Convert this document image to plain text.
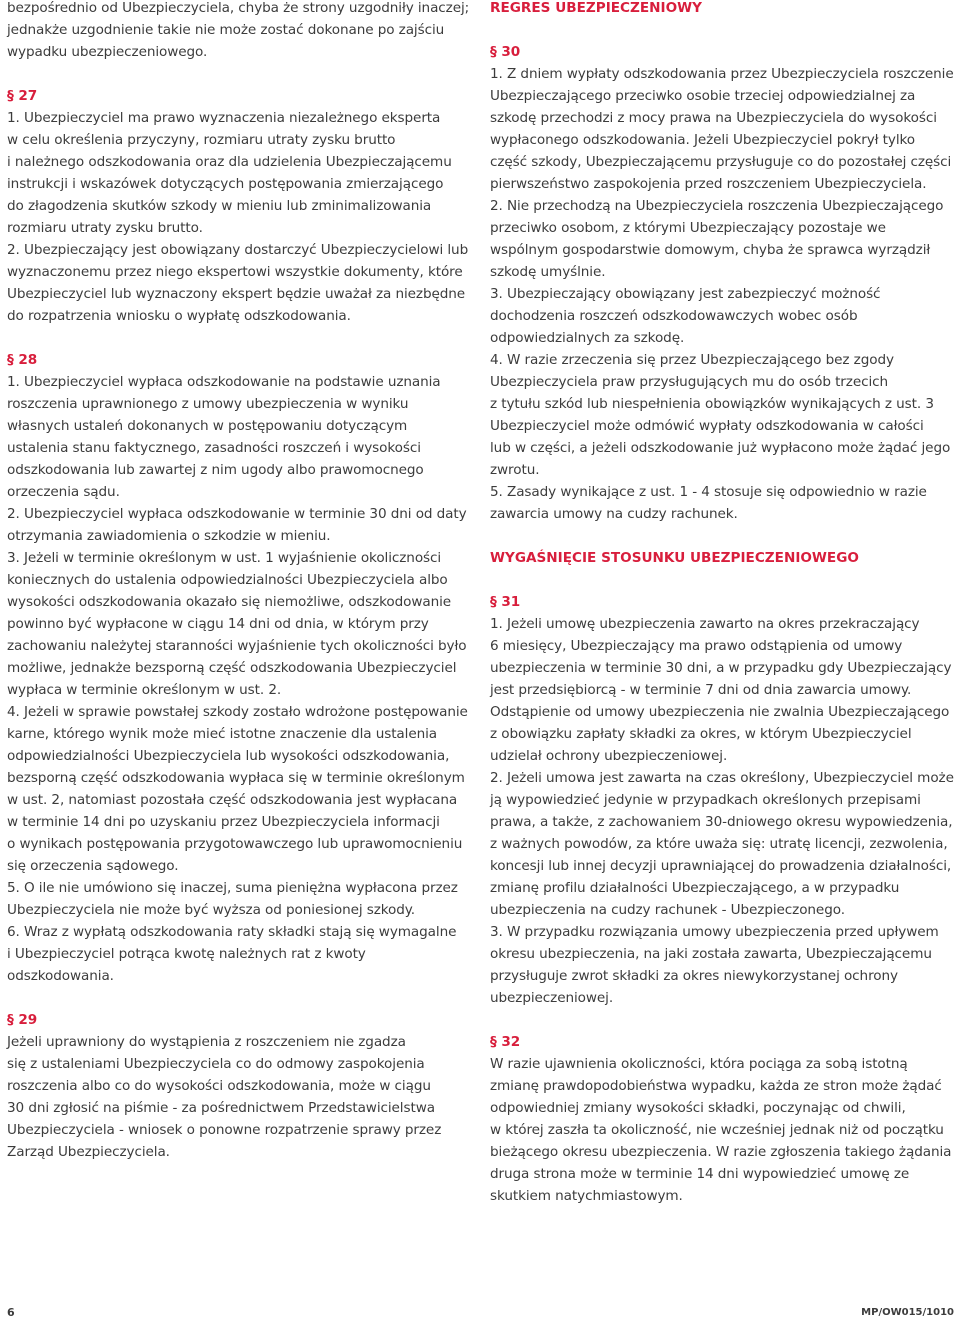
bezpośrednio od Ubezpieczyciela, chyba że strony uzgodniły inaczej;
jednakże uzgodnienie takie nie może zostać dokonane po zajściu
wypadku ubezpieczeniowego.
§ 27
1. Ubezpieczyciel ma prawo wyznaczenia niezależnego eksperta
w celu określenia przyczyny, rozmiaru utraty zysku brutto
i należnego odszkodowania oraz dla udzielenia Ubezpieczającemu
instrukcji i wskazówek dotyczących postępowania zmierzającego
do złagodzenia skutków szkody w mieniu lub zminimalizowania
rozmiaru utraty zysku brutto.
2. Ubezpieczający jest obowiązany dostarczyć Ubezpieczycielowi lub
wyznaczonemu przez niego ekspertowi wszystkie dokumenty, które
Ubezpieczyciel lub wyznaczony ekspert będzie uważał za niezbędne
do rozpatrzenia wniosku o wypłatę odszkodowania.
§ 28
1. Ubezpieczyciel wypłaca odszkodowanie na podstawie uznania
roszczenia uprawnionego z umowy ubezpieczenia w wyniku
własnych ustaleń dokonanych w postępowaniu dotyczącym
ustalenia stanu faktycznego, zasadności roszczeń i wysokości
odszkodowania lub zawartej z nim ugody albo prawomocnego
orzeczenia sądu.
2. Ubezpieczyciel wypłaca odszkodowanie w terminie 30 dni od daty
otrzymania zawiadomienia o szkodzie w mieniu.
3. Jeżeli w terminie określonym w ust. 1 wyjaśnienie okoliczności
koniecznych do ustalenia odpowiedzialności Ubezpieczyciela albo
wysokości odszkodowania okazało się niemożliwe, odszkodowanie
powinno być wypłacone w ciągu 14 dni od dnia, w którym przy
zachowaniu należytej staranności wyjaśnienie tych okoliczności było
możliwe, jednakże bezsporną część odszkodowania Ubezpieczyciel
wypłaca w terminie określonym w ust. 2.
4. Jeżeli w sprawie powstałej szkody zostało wdrożone postępowanie
karne, którego wynik może mieć istotne znaczenie dla ustalenia
odpowiedzialności Ubezpieczyciela lub wysokości odszkodowania,
bezsporną część odszkodowania wypłaca się w terminie określonym
w ust. 2, natomiast pozostała część odszkodowania jest wypłacana
w terminie 14 dni po uzyskaniu przez Ubezpieczyciela informacji
o wynikach postępowania przygotowawczego lub uprawomocnieniu
się orzeczenia sądowego.
5. O ile nie umówiono się inaczej, suma pieniężna wypłacona przez
Ubezpieczyciela nie może być wyższa od poniesionej szkody.
6. Wraz z wypłatą odszkodowania raty składki stają się wymagalne
i Ubezpieczyciel potrąca kwotę należnych rat z kwoty
odszkodowania.
§ 29
Jeżeli uprawniony do wystąpienia z roszczeniem nie zgadza
się z ustaleniami Ubezpieczyciela co do odmowy zaspokojenia
roszczenia albo co do wysokości odszkodowania, może w ciągu
30 dni zgłosić na piśmie - za pośrednictwem Przedstawicielstwa
Ubezpieczyciela - wniosek o ponowne rozpatrzenie sprawy przez
Zarząd Ubezpieczyciela.
REGRES UBEZPIECZENIOWY
§ 30
1. Z dniem wypłaty odszkodowania przez Ubezpieczyciela roszczenie
Ubezpieczającego przeciwko osobie trzeciej odpowiedzialnej za
szkodę przechodzi z mocy prawa na Ubezpieczyciela do wysokości
wypłaconego odszkodowania. Jeżeli Ubezpieczyciel pokrył tylko
część szkody, Ubezpieczającemu przysługuje co do pozostałej części
pierwszeństwo zaspokojenia przed roszczeniem Ubezpieczyciela.
2. Nie przechodzą na Ubezpieczyciela roszczenia Ubezpieczającego
przeciwko osobom, z którymi Ubezpieczający pozostaje we
wspólnym gospodarstwie domowym, chyba że sprawca wyrządził
szkodę umyślnie.
3. Ubezpieczający obowiązany jest zabezpieczyć możność
dochodzenia roszczeń odszkodowawczych wobec osób
odpowiedzialnych za szkodę.
4. W razie zrzeczenia się przez Ubezpieczającego bez zgody
Ubezpieczyciela praw przysługujących mu do osób trzecich
z tytułu szkód lub niespełnienia obowiązków wynikających z ust. 3
Ubezpieczyciel może odmówić wypłaty odszkodowania w całości
lub w części, a jeżeli odszkodowanie już wypłacono może żądać jego
zwrotu.
5. Zasady wynikające z ust. 1 - 4 stosuje się odpowiednio w razie
zawarcia umowy na cudzy rachunek.
WYGAŚNIĘCIE STOSUNKU UBEZPIECZENIOWEGO
§ 31
1. Jeżeli umowę ubezpieczenia zawarto na okres przekraczający
6 miesięcy, Ubezpieczający ma prawo odstąpienia od umowy
ubezpieczenia w terminie 30 dni, a w przypadku gdy Ubezpieczający
jest przedsiębiorcą - w terminie 7 dni od dnia zawarcia umowy.
Odstąpienie od umowy ubezpieczenia nie zwalnia Ubezpieczającego
z obowiązku zapłaty składki za okres, w którym Ubezpieczyciel
udzielał ochrony ubezpieczeniowej.
2. Jeżeli umowa jest zawarta na czas określony, Ubezpieczyciel może
ją wypowiedzieć jedynie w przypadkach określonych przepisami
prawa, a także, z zachowaniem 30-dniowego okresu wypowiedzenia,
z ważnych powodów, za które uważa się: utratę licencji, zezwolenia,
koncesji lub innej decyzji uprawniającej do prowadzenia działalności,
zmianę profilu działalności Ubezpieczającego, a w przypadku
ubezpieczenia na cudzy rachunek - Ubezpieczonego.
3. W przypadku rozwiązania umowy ubezpieczenia przed upływem
okresu ubezpieczenia, na jaki została zawarta, Ubezpieczającemu
przysługuje zwrot składki za okres niewykorzystanej ochrony
ubezpieczeniowej.
§ 32
W razie ujawnienia okoliczności, która pociąga za sobą istotną
zmianę prawdopodobieństwa wypadku, każda ze stron może żądać
odpowiedniej zmiany wysokości składki, poczynając od chwili,
w której zaszła ta okoliczność, nie wcześniej jednak niż od początku
bieżącego okresu ubezpieczenia. W razie zgłoszenia takiego żądania
druga strona może w terminie 14 dni wypowiedzieć umowę ze
skutkiem natychmiastowym.
6	MP/OW015/1010
